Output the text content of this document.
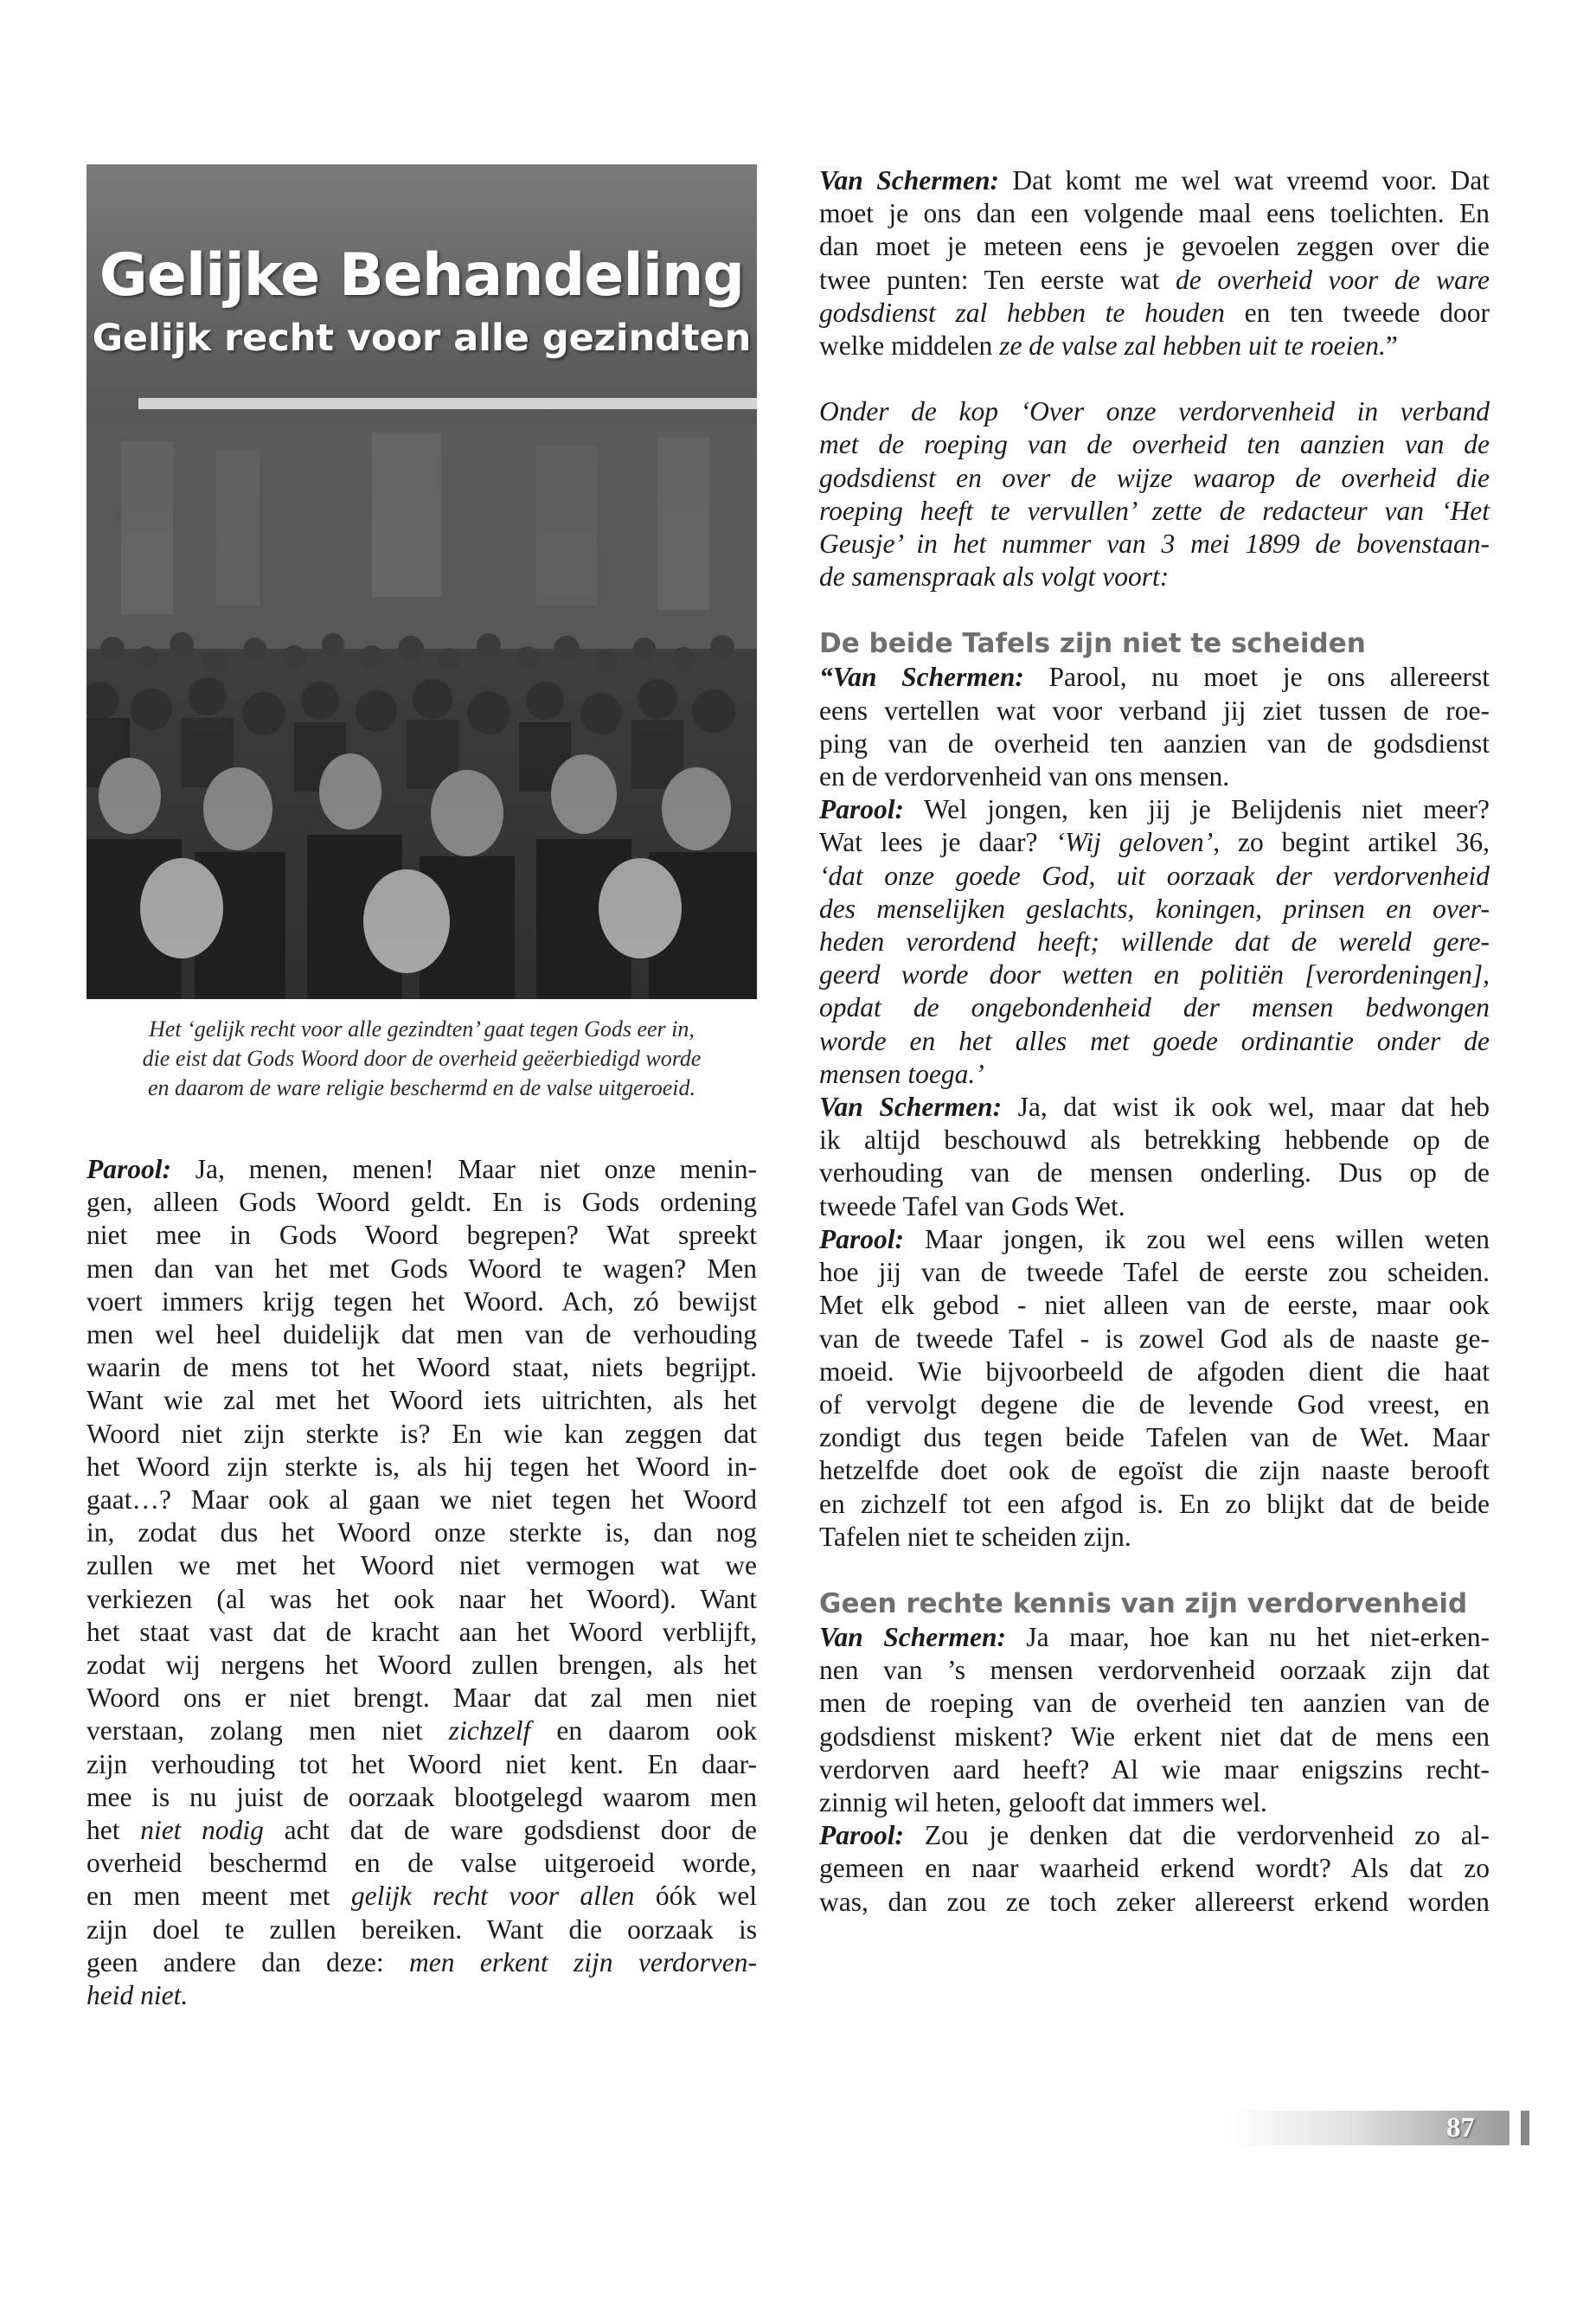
Gelijke Behandeling
Gelijk recht voor alle gezindten
Het ‘gelijk recht voor alle gezindten’ gaat tegen Gods eer in,
die eist dat Gods Woord door de overheid geëerbiedigd worde
en daarom de ware religie beschermd en de valse uitgeroeid.
Parool: Ja, menen, menen! Maar niet onze menin-
gen, alleen Gods Woord geldt. En is Gods ordening
niet mee in Gods Woord begrepen? Wat spreekt
men dan van het met Gods Woord te wagen? Men
voert immers krijg tegen het Woord. Ach, zó bewijst
men wel heel duidelijk dat men van de verhouding
waarin de mens tot het Woord staat, niets begrijpt.
Want wie zal met het Woord iets uitrichten, als het
Woord niet zijn sterkte is? En wie kan zeggen dat
het Woord zijn sterkte is, als hij tegen het Woord in-
gaat…? Maar ook al gaan we niet tegen het Woord
in, zodat dus het Woord onze sterkte is, dan nog
zullen we met het Woord niet vermogen wat we
verkiezen (al was het ook naar het Woord). Want
het staat vast dat de kracht aan het Woord verblijft,
zodat wij nergens het Woord zullen brengen, als het
Woord ons er niet brengt. Maar dat zal men niet
verstaan, zolang men niet zichzelf en daarom ook
zijn verhouding tot het Woord niet kent. En daar-
mee is nu juist de oorzaak blootgelegd waarom men
het niet nodig acht dat de ware godsdienst door de
overheid beschermd en de valse uitgeroeid worde,
en men meent met gelijk recht voor allen óók wel
zijn doel te zullen bereiken. Want die oorzaak is
geen andere dan deze: men erkent zijn verdorven-
heid niet.
Van Schermen: Dat komt me wel wat vreemd voor. Dat
moet je ons dan een volgende maal eens toelichten. En
dan moet je meteen eens je gevoelen zeggen over die
twee punten: Ten eerste wat de overheid voor de ware
godsdienst zal hebben te houden en ten tweede door
welke middelen ze de valse zal hebben uit te roeien.”
Onder de kop ‘Over onze verdorvenheid in verband
met de roeping van de overheid ten aanzien van de
godsdienst en over de wijze waarop de overheid die
roeping heeft te vervullen’ zette de redacteur van ‘Het
Geusje’ in het nummer van 3 mei 1899 de bovenstaan-
de samenspraak als volgt voort:
De beide Tafels zijn niet te scheiden
“Van Schermen: Parool, nu moet je ons allereerst
eens vertellen wat voor verband jij ziet tussen de roe-
ping van de overheid ten aanzien van de godsdienst
en de verdorvenheid van ons mensen.
Parool: Wel jongen, ken jij je Belijdenis niet meer?
Wat lees je daar? ‘Wij geloven’, zo begint artikel 36,
‘dat onze goede God, uit oorzaak der verdorvenheid
des menselijken geslachts, koningen, prinsen en over-
heden verordend heeft; willende dat de wereld gere-
geerd worde door wetten en politiën [verordeningen],
opdat de ongebondenheid der mensen bedwongen
worde en het alles met goede ordinantie onder de
mensen toega.’
Van Schermen: Ja, dat wist ik ook wel, maar dat heb
ik altijd beschouwd als betrekking hebbende op de
verhouding van de mensen onderling. Dus op de
tweede Tafel van Gods Wet.
Parool: Maar jongen, ik zou wel eens willen weten
hoe jij van de tweede Tafel de eerste zou scheiden.
Met elk gebod - niet alleen van de eerste, maar ook
van de tweede Tafel - is zowel God als de naaste ge-
moeid. Wie bijvoorbeeld de afgoden dient die haat
of vervolgt degene die de levende God vreest, en
zondigt dus tegen beide Tafelen van de Wet. Maar
hetzelfde doet ook de egoïst die zijn naaste berooft
en zichzelf tot een afgod is. En zo blijkt dat de beide
Tafelen niet te scheiden zijn.
Geen rechte kennis van zijn verdorvenheid
Van Schermen: Ja maar, hoe kan nu het niet-erken-
nen van ’s mensen verdorvenheid oorzaak zijn dat
men de roeping van de overheid ten aanzien van de
godsdienst miskent? Wie erkent niet dat de mens een
verdorven aard heeft? Al wie maar enigszins recht-
zinnig wil heten, gelooft dat immers wel.
Parool: Zou je denken dat die verdorvenheid zo al-
gemeen en naar waarheid erkend wordt? Als dat zo
was, dan zou ze toch zeker allereerst erkend worden
87
